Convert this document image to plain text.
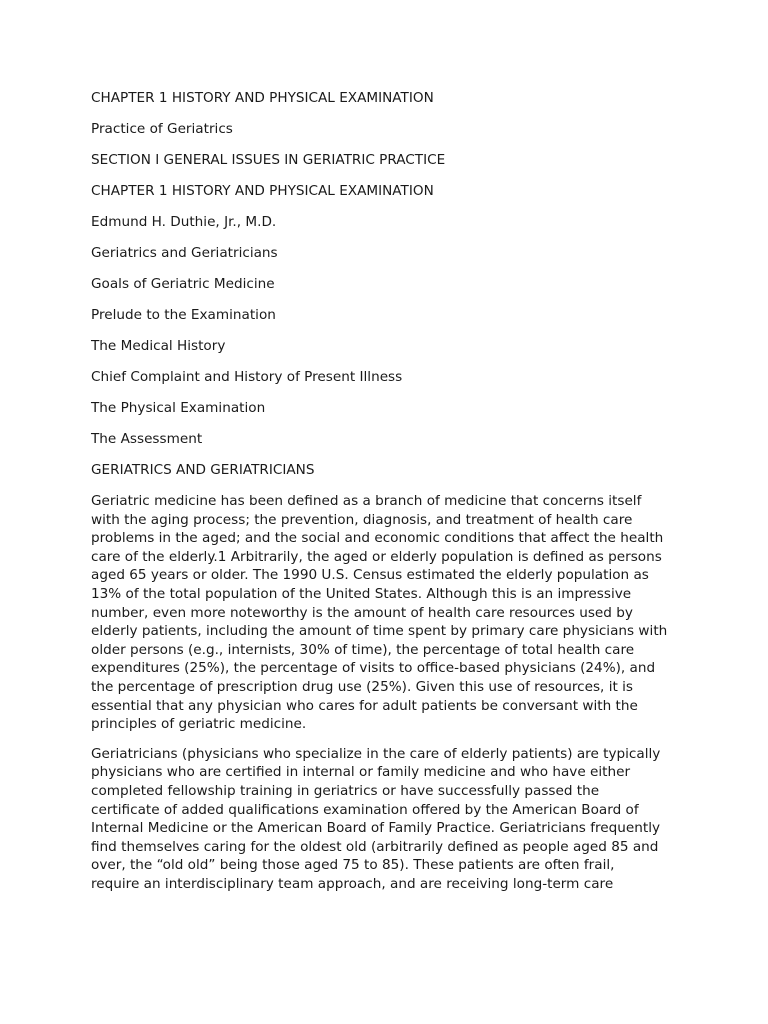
CHAPTER 1 HISTORY AND PHYSICAL EXAMINATION
Practice of Geriatrics
SECTION I GENERAL ISSUES IN GERIATRIC PRACTICE
CHAPTER 1 HISTORY AND PHYSICAL EXAMINATION
Edmund H. Duthie, Jr., M.D.
Geriatrics and Geriatricians
Goals of Geriatric Medicine
Prelude to the Examination
The Medical History
Chief Complaint and History of Present Illness
The Physical Examination
The Assessment
GERIATRICS AND GERIATRICIANS
Geriatric medicine has been defined as a branch of medicine that concerns itself
with the aging process; the prevention, diagnosis, and treatment of health care
problems in the aged; and the social and economic conditions that affect the health
care of the elderly.1 Arbitrarily, the aged or elderly population is defined as persons
aged 65 years or older. The 1990 U.S. Census estimated the elderly population as
13% of the total population of the United States. Although this is an impressive
number, even more noteworthy is the amount of health care resources used by
elderly patients, including the amount of time spent by primary care physicians with
older persons (e.g., internists, 30% of time), the percentage of total health care
expenditures (25%), the percentage of visits to office-based physicians (24%), and
the percentage of prescription drug use (25%). Given this use of resources, it is
essential that any physician who cares for adult patients be conversant with the
principles of geriatric medicine.
Geriatricians (physicians who specialize in the care of elderly patients) are typically
physicians who are certified in internal or family medicine and who have either
completed fellowship training in geriatrics or have successfully passed the
certificate of added qualifications examination offered by the American Board of
Internal Medicine or the American Board of Family Practice. Geriatricians frequently
find themselves caring for the oldest old (arbitrarily defined as people aged 85 and
over, the “old old” being those aged 75 to 85). These patients are often frail,
require an interdisciplinary team approach, and are receiving long-term care
